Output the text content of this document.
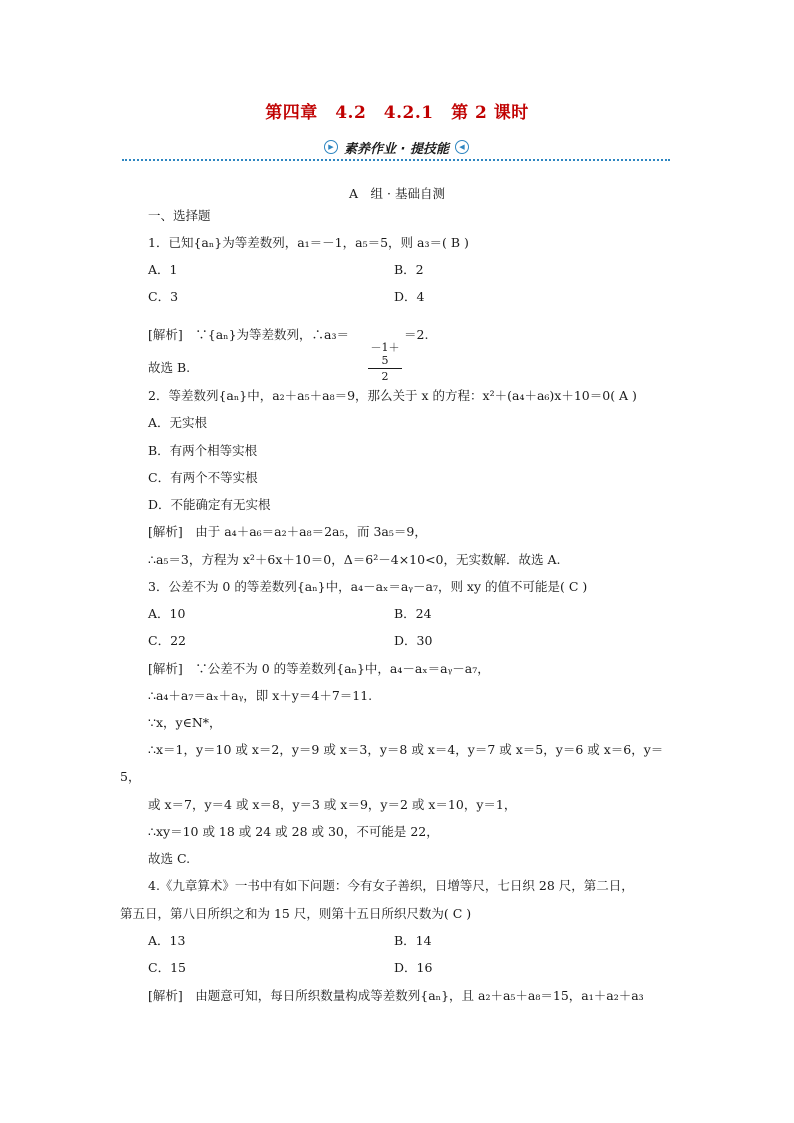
第四章　4.2　4.2.1　第 2 课时
▶ 素养作业 · 提技能	◀
A　组 · 基础自测
一、选择题
1．已知{aₙ}为等差数列，a₁＝－1，a₅＝5，则 a₃＝( B )
A．1	B．2
C．3	D．4
[解析]　∵{aₙ}为等差数列，∴a₃＝
－1＋5
2
＝2.
故选 B.
2．等差数列{aₙ}中，a₂＋a₅＋a₈＝9，那么关于 x 的方程：x²＋(a₄＋a₆)x＋10＝0( A )
A．无实根
B．有两个相等实根
C．有两个不等实根
D．不能确定有无实根
[解析]　由于 a₄＋a₆＝a₂＋a₈＝2a₅，而 3a₅＝9，
∴a₅＝3，方程为 x²＋6x＋10＝0，Δ＝6²－4×10<0，无实数解．故选 A.
3．公差不为 0 的等差数列{aₙ}中，a₄－aₓ＝aᵧ－a₇，则 xy 的值不可能是( C )
A．10	B．24
C．22	D．30
[解析]　∵公差不为 0 的等差数列{aₙ}中，a₄－aₓ＝aᵧ－a₇，
∴a₄＋a₇＝aₓ＋aᵧ，即 x＋y＝4＋7＝11.
∵x，y∈N*，
∴x＝1，y＝10 或 x＝2，y＝9 或 x＝3，y＝8 或 x＝4，y＝7 或 x＝5，y＝6 或 x＝6，y＝
5，
或 x＝7，y＝4 或 x＝8，y＝3 或 x＝9，y＝2 或 x＝10，y＝1，
∴xy＝10 或 18 或 24 或 28 或 30，不可能是 22，
故选 C.
4.《九章算术》一书中有如下问题：今有女子善织，日增等尺，七日织 28 尺，第二日，
第五日，第八日所织之和为 15 尺，则第十五日所织尺数为( C )
A．13	B．14
C．15	D．16
[解析]　由题意可知，每日所织数量构成等差数列{aₙ}，且 a₂＋a₅＋a₈＝15，a₁＋a₂＋a₃
